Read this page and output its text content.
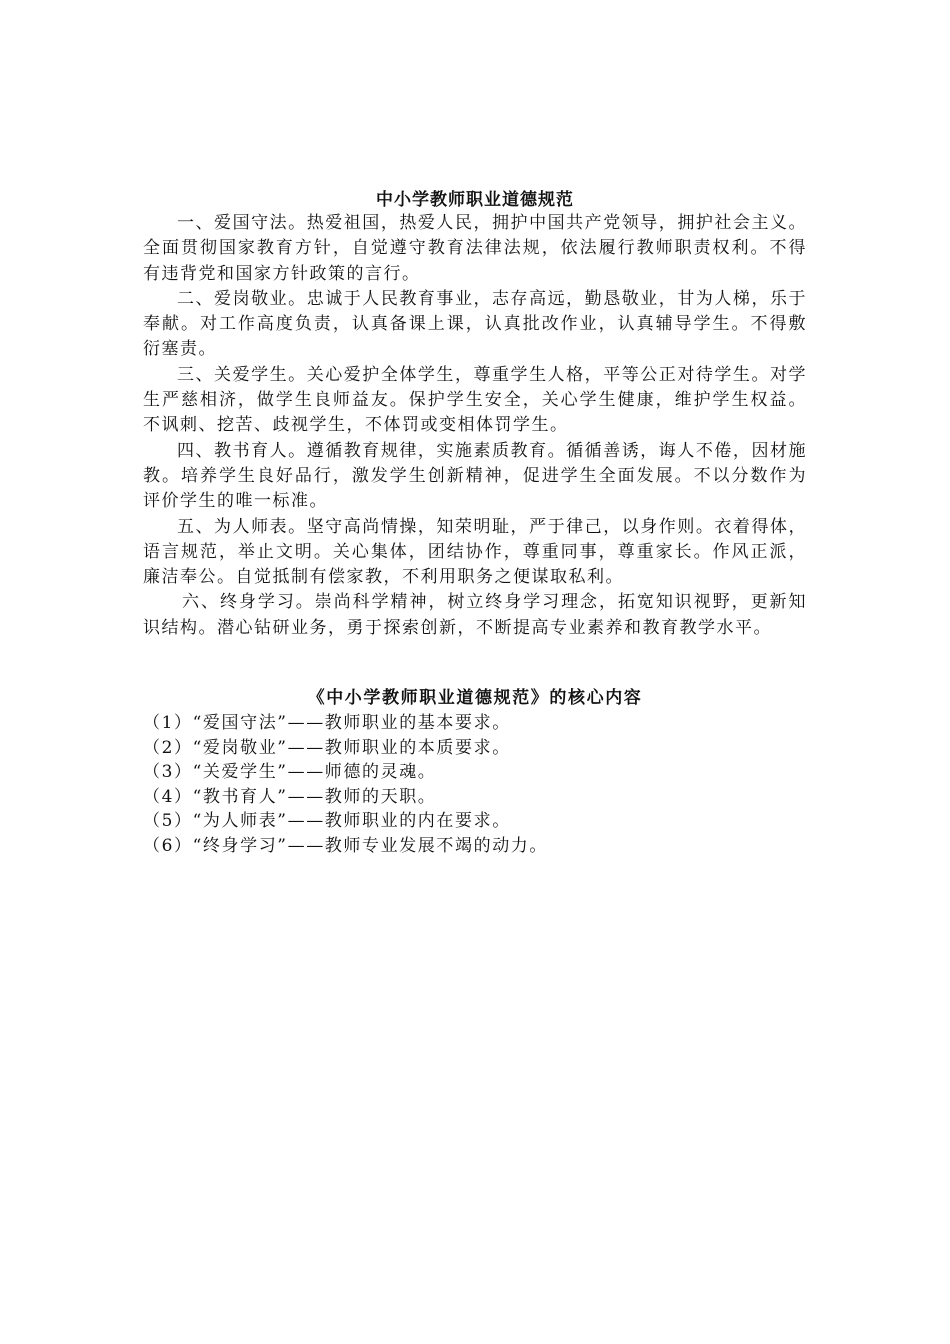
中小学教师职业道德规范

一、爱国守法。热爱祖国，热爱人民，拥护中国共产党领导，拥护社会主义。全面贯彻国家教育方针，自觉遵守教育法律法规，依法履行教师职责权利。不得有违背党和国家方针政策的言行。

二、爱岗敬业。忠诚于人民教育事业，志存高远，勤恳敬业，甘为人梯，乐于奉献。对工作高度负责，认真备课上课，认真批改作业，认真辅导学生。不得敷衍塞责。

三、关爱学生。关心爱护全体学生，尊重学生人格，平等公正对待学生。对学生严慈相济，做学生良师益友。保护学生安全，关心学生健康，维护学生权益。不讽刺、挖苦、歧视学生，不体罚或变相体罚学生。

四、教书育人。遵循教育规律，实施素质教育。循循善诱，诲人不倦，因材施教。培养学生良好品行，激发学生创新精神，促进学生全面发展。不以分数作为评价学生的唯一标准。

五、为人师表。坚守高尚情操，知荣明耻，严于律己，以身作则。衣着得体，语言规范，举止文明。关心集体，团结协作，尊重同事，尊重家长。作风正派，廉洁奉公。自觉抵制有偿家教，不利用职务之便谋取私利。

六、终身学习。崇尚科学精神，树立终身学习理念，拓宽知识视野，更新知识结构。潜心钻研业务，勇于探索创新，不断提高专业素养和教育教学水平。

《中小学教师职业道德规范》的核心内容
（1）“爱国守法”——教师职业的基本要求。
（2）“爱岗敬业”——教师职业的本质要求。
（3）“关爱学生”——师德的灵魂。
（4）“教书育人”——教师的天职。
（5）“为人师表”——教师职业的内在要求。
（6）“终身学习”——教师专业发展不竭的动力。
